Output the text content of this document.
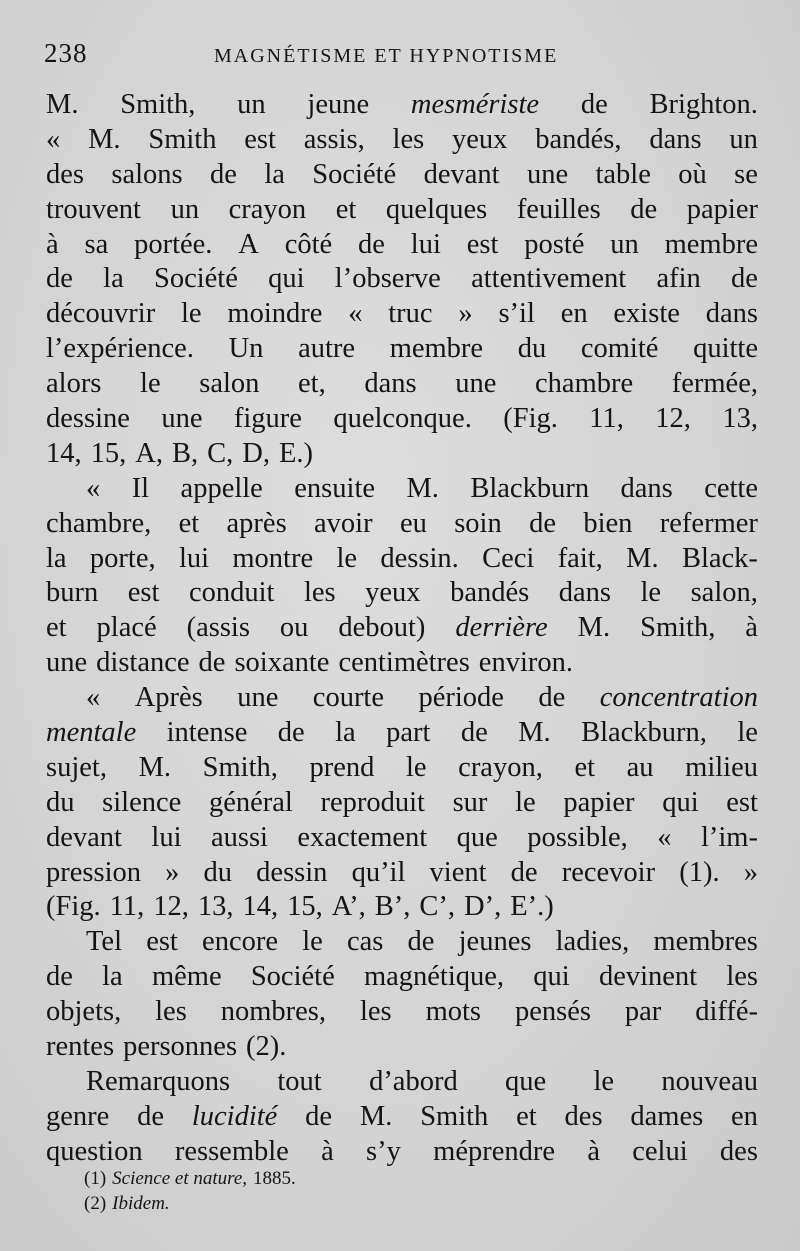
238	MAGNÉTISME ET HYPNOTISME
M. Smith, un jeune mesmériste de Brighton.
« M. Smith est assis, les yeux bandés, dans un
des salons de la Société devant une table où se
trouvent un crayon et quelques feuilles de papier
à sa portée. A côté de lui est posté un membre
de la Société qui l’observe attentivement afin de
découvrir le moindre « truc » s’il en existe dans
l’expérience. Un autre membre du comité quitte
alors le salon et, dans une chambre fermée,
dessine une figure quelconque. (Fig. 11, 12, 13,
14, 15, A, B, C, D, E.)
« Il appelle ensuite M. Blackburn dans cette
chambre, et après avoir eu soin de bien refermer
la porte, lui montre le dessin. Ceci fait, M. Black-
burn est conduit les yeux bandés dans le salon,
et placé (assis ou debout) derrière M. Smith, à
une distance de soixante centimètres environ.
« Après une courte période de concentration
mentale intense de la part de M. Blackburn, le
sujet, M. Smith, prend le crayon, et au milieu
du silence général reproduit sur le papier qui est
devant lui aussi exactement que possible, « l’im-
pression » du dessin qu’il vient de recevoir (1). »
(Fig. 11, 12, 13, 14, 15, A’, B’, C’, D’, E’.)
Tel est encore le cas de jeunes ladies, membres
de la même Société magnétique, qui devinent les
objets, les nombres, les mots pensés par diffé-
rentes personnes (2).
Remarquons tout d’abord que le nouveau
genre de lucidité de M. Smith et des dames en
question ressemble à s’y méprendre à celui des
(1) Science et nature, 1885.
(2) Ibidem.
